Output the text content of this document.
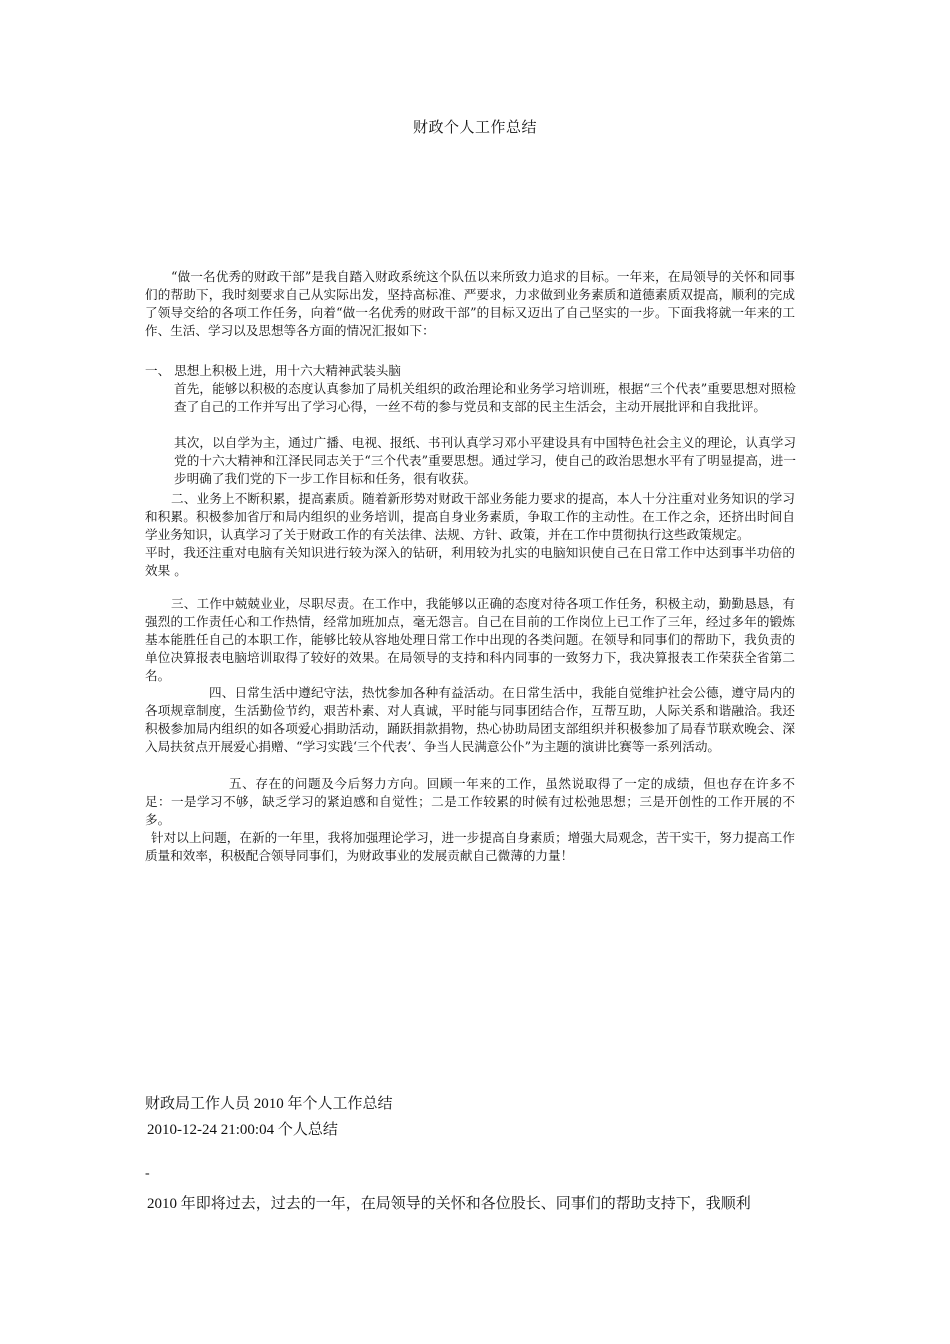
财政个人工作总结

“做一名优秀的财政干部”是我自踏入财政系统这个队伍以来所致力追求的目标。一年来，在局领导的关怀和同事们的帮助下，我时刻要求自己从实际出发，坚持高标准、严要求，力求做到业务素质和道德素质双提高，顺利的完成了领导交给的各项工作任务，向着“做一名优秀的财政干部”的目标又迈出了自己坚实的一步。下面我将就一年来的工作、生活、学习以及思想等各方面的情况汇报如下：

一、 思想上积极上进，用十六大精神武装头脑

首先，能够以积极的态度认真参加了局机关组织的政治理论和业务学习培训班，根据“三个代表”重要思想对照检查了自己的工作并写出了学习心得，一丝不苟的参与党员和支部的民主生活会，主动开展批评和自我批评。

其次，以自学为主，通过广播、电视、报纸、书刊认真学习邓小平建设具有中国特色社会主义的理论，认真学习党的十六大精神和江泽民同志关于“三个代表”重要思想。通过学习，使自己的政治思想水平有了明显提高，进一步明确了我们党的下一步工作目标和任务，很有收获。

二、业务上不断积累，提高素质。随着新形势对财政干部业务能力要求的提高，本人十分注重对业务知识的学习和积累。积极参加省厅和局内组织的业务培训，提高自身业务素质，争取工作的主动性。在工作之余，还挤出时间自学业务知识，认真学习了关于财政工作的有关法律、法规、方针、政策，并在工作中贯彻执行这些政策规定。

平时，我还注重对电脑有关知识进行较为深入的钻研，利用较为扎实的电脑知识使自己在日常工作中达到事半功倍的效果 。

三、工作中兢兢业业，尽职尽责。在工作中，我能够以正确的态度对待各项工作任务，积极主动，勤勤恳恳，有强烈的工作责任心和工作热情，经常加班加点，毫无怨言。自己在目前的工作岗位上已工作了三年，经过多年的锻炼基本能胜任自己的本职工作，能够比较从容地处理日常工作中出现的各类问题。在领导和同事们的帮助下，我负责的单位决算报表电脑培训取得了较好的效果。在局领导的支持和科内同事的一致努力下，我决算报表工作荣获全省第二名。

四、日常生活中遵纪守法，热忱参加各种有益活动。在日常生活中，我能自觉维护社会公德，遵守局内的各项规章制度，生活勤俭节约，艰苦朴素、对人真诚，平时能与同事团结合作，互帮互助，人际关系和谐融洽。我还积极参加局内组织的如各项爱心捐助活动，踊跃捐款捐物，热心协助局团支部组织并积极参加了局春节联欢晚会、深入局扶贫点开展爱心捐赠、“学习实践‘三个代表’、争当人民满意公仆”为主题的演讲比赛等一系列活动。

五、存在的问题及今后努力方向。回顾一年来的工作，虽然说取得了一定的成绩，但也存在许多不足：一是学习不够，缺乏学习的紧迫感和自觉性；二是工作较累的时候有过松弛思想；三是开创性的工作开展的不多。

针对以上问题，在新的一年里，我将加强理论学习，进一步提高自身素质；增强大局观念，苦干实干，努力提高工作质量和效率，积极配合领导同事们，为财政事业的发展贡献自己微薄的力量！

财政局工作人员 2010 年个人工作总结
2010-12-24 21:00:04 个人总结
-
2010 年即将过去，过去的一年，在局领导的关怀和各位股长、同事们的帮助支持下，我顺利
